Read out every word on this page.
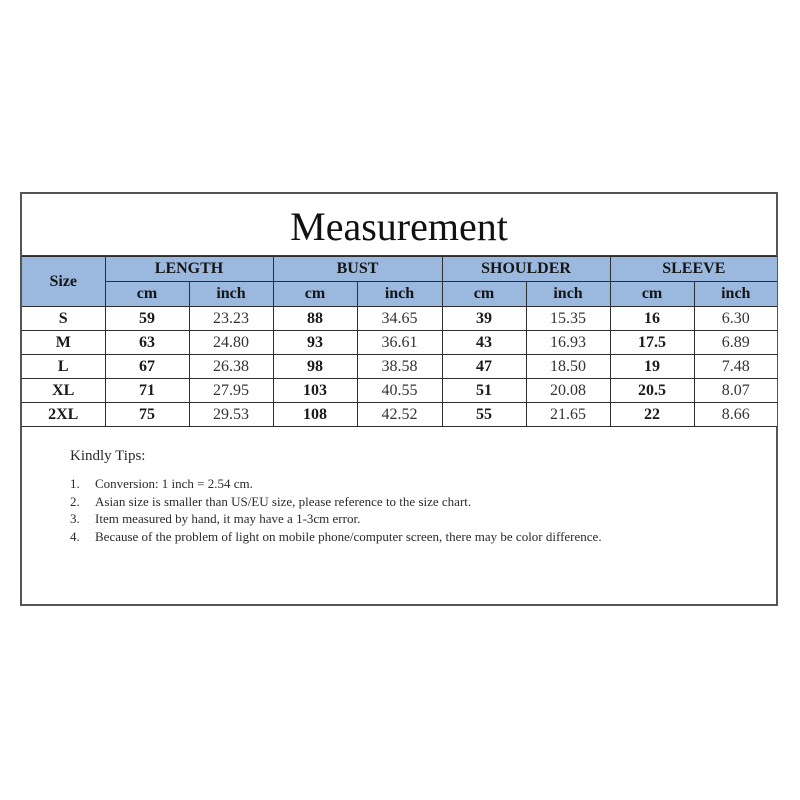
Measurement
Size	LENGTH		BUST		SHOULDER		SLEEVE	
	cm	inch	cm	inch	cm	inch	cm	inch
S	59	23.23	88	34.65	39	15.35	16	6.30
M	63	24.80	93	36.61	43	16.93	17.5	6.89
L	67	26.38	98	38.58	47	18.50	19	7.48
XL	71	27.95	103	40.55	51	20.08	20.5	8.07
2XL	75	29.53	108	42.52	55	21.65	22	8.66
Kindly Tips:
1. Conversion: 1 inch = 2.54 cm.
2. Asian size is smaller than US/EU size, please reference to the size chart.
3. Item measured by hand, it may have a 1-3cm error.
4. Because of the problem of light on mobile phone/computer screen, there may be color difference.
